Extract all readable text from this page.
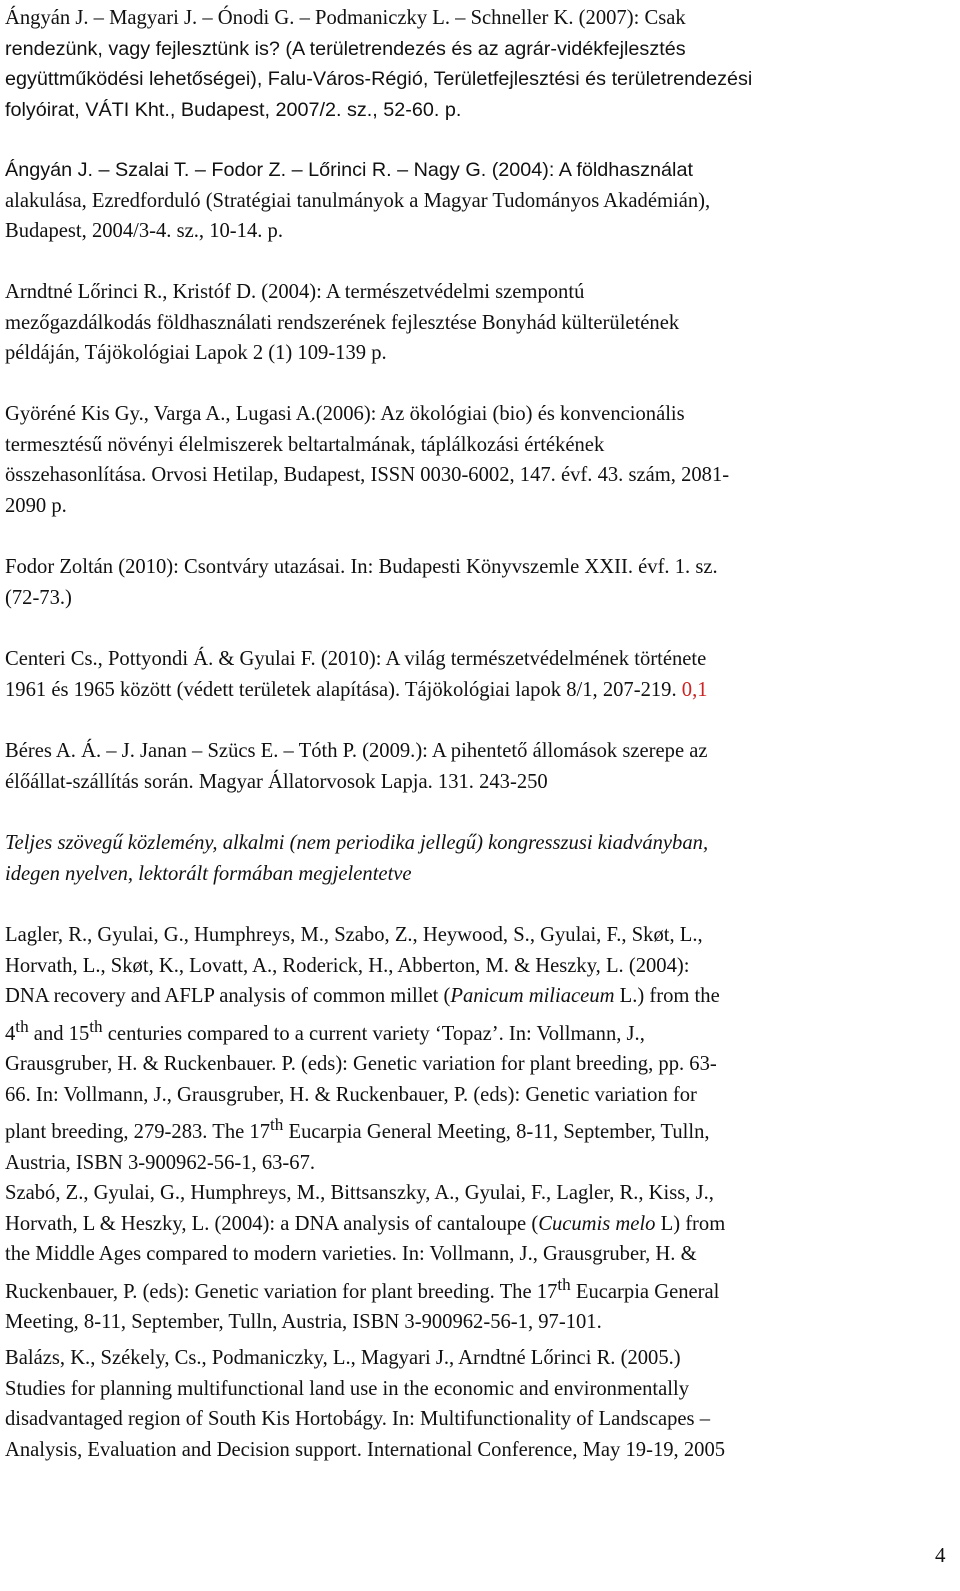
Ángyán J. – Magyari J. – Ónodi G. – Podmaniczky L. – Schneller K. (2007): Csak
rendezünk, vagy fejlesztünk is? (A területrendezés és az agrár-vidékfejlesztés
együttműködési lehetőségei), Falu-Város-Régió, Területfejlesztési és területrendezési
folyóirat, VÁTI Kht., Budapest, 2007/2. sz., 52-60. p.

Ángyán J. – Szalai T. – Fodor Z. – Lőrinci R. – Nagy G. (2004): A földhasználat
alakulása, Ezredforduló (Stratégiai tanulmányok a Magyar Tudományos Akadémián),
Budapest, 2004/3-4. sz., 10-14. p.

Arndtné Lőrinci R., Kristóf D. (2004): A természetvédelmi szempontú
mezőgazdálkodás földhasználati rendszerének fejlesztése Bonyhád külterületének
példáján, Tájökológiai Lapok 2 (1) 109-139 p.

Györéné Kis Gy., Varga A., Lugasi A.(2006): Az ökológiai (bio) és konvencionális
termesztésű növényi élelmiszerek beltartalmának, táplálkozási értékének
összehasonlítása. Orvosi Hetilap, Budapest, ISSN 0030-6002, 147. évf. 43. szám, 2081-
2090 p.

Fodor Zoltán (2010): Csontváry utazásai. In: Budapesti Könyvszemle XXII. évf. 1. sz.
(72-73.)

Centeri Cs., Pottyondi Á. & Gyulai F. (2010): A világ természetvédelmének története
1961 és 1965 között (védett területek alapítása). Tájökológiai lapok 8/1, 207-219. 0,1

Béres A. Á. – J. Janan – Szücs E. – Tóth P. (2009.): A pihentető állomások szerepe az
élőállat-szállítás során. Magyar Állatorvosok Lapja. 131. 243-250

Teljes szövegű közlemény, alkalmi (nem periodika jellegű) kongresszusi kiadványban,
idegen nyelven, lektorált formában megjelentetve

Lagler, R., Gyulai, G., Humphreys, M., Szabo, Z., Heywood, S., Gyulai, F., Skøt, L.,
Horvath, L., Skøt, K., Lovatt, A., Roderick, H., Abberton, M. & Heszky, L. (2004):
DNA recovery and AFLP analysis of common millet (Panicum miliaceum L.) from the
4th and 15th centuries compared to a current variety ‘Topaz’. In: Vollmann, J.,
Grausgruber, H. & Ruckenbauer. P. (eds): Genetic variation for plant breeding, pp. 63-
66. In: Vollmann, J., Grausgruber, H. & Ruckenbauer, P. (eds): Genetic variation for
plant breeding, 279-283. The 17th Eucarpia General Meeting, 8-11, September, Tulln,
Austria, ISBN 3-900962-56-1, 63-67.

Szabó, Z., Gyulai, G., Humphreys, M., Bittsanszky, A., Gyulai, F., Lagler, R., Kiss, J.,
Horvath, L & Heszky, L. (2004): a DNA analysis of cantaloupe (Cucumis melo L) from
the Middle Ages compared to modern varieties. In: Vollmann, J., Grausgruber, H. &
Ruckenbauer, P. (eds): Genetic variation for plant breeding. The 17th Eucarpia General
Meeting, 8-11, September, Tulln, Austria, ISBN 3-900962-56-1, 97-101.

Balázs, K., Székely, Cs., Podmaniczky, L., Magyari J., Arndtné Lőrinci R. (2005.)
Studies for planning multifunctional land use in the economic and environmentally
disadvantaged region of South Kis Hortobágy. In: Multifunctionality of Landscapes –
Analysis, Evaluation and Decision support. International Conference, May 19-19, 2005

4
